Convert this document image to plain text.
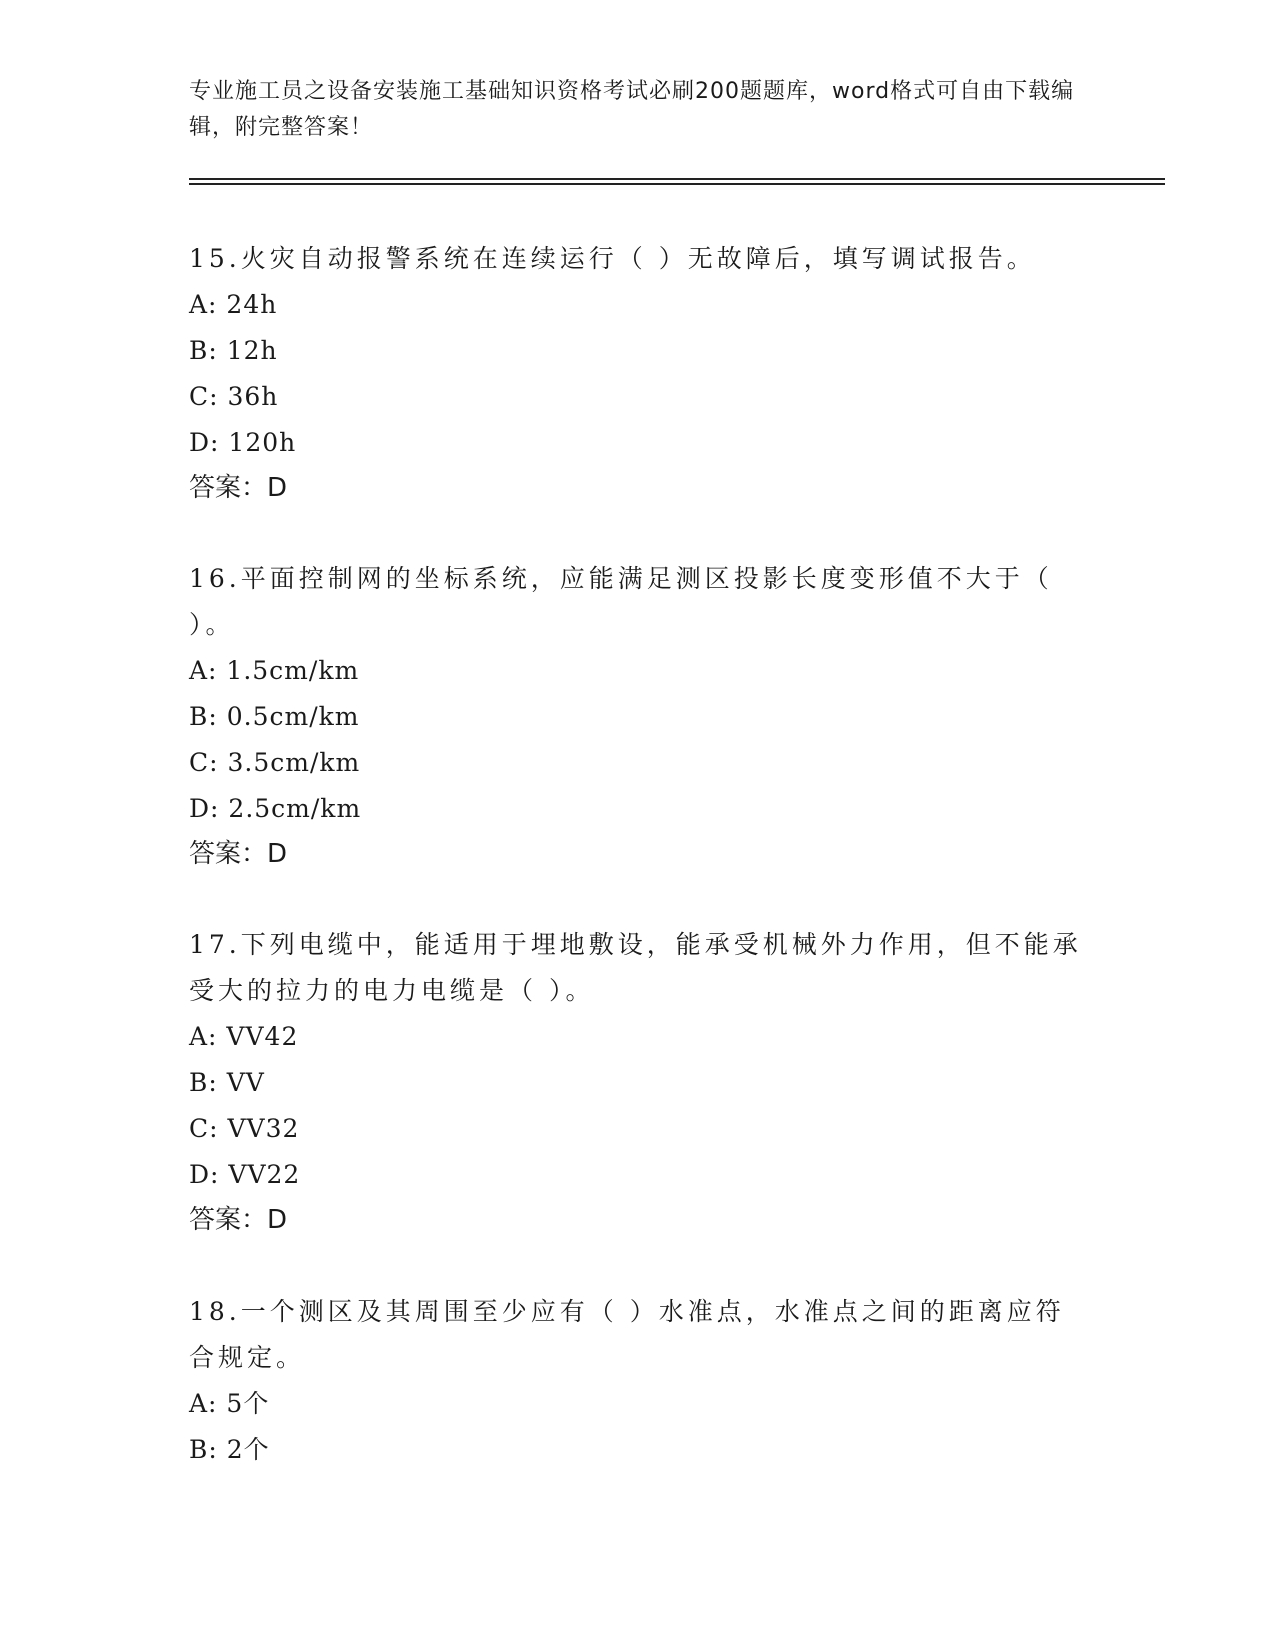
专业施工员之设备安装施工基础知识资格考试必刷200题题库，word格式可自由下载编辑，附完整答案！

15.火灾自动报警系统在连续运行（ ）无故障后，填写调试报告。

A: 24h

B: 12h

C: 36h

D: 120h

答案：D

16.平面控制网的坐标系统，应能满足测区投影长度变形值不大于（ ）。

A: 1.5cm/km

B: 0.5cm/km

C: 3.5cm/km

D: 2.5cm/km

答案：D

17.下列电缆中，能适用于埋地敷设，能承受机械外力作用，但不能承受大的拉力的电力电缆是（ ）。

A: VV42

B: VV

C: VV32

D: VV22

答案：D

18.一个测区及其周围至少应有（ ）水准点，水准点之间的距离应符合规定。

A: 5个

B: 2个
